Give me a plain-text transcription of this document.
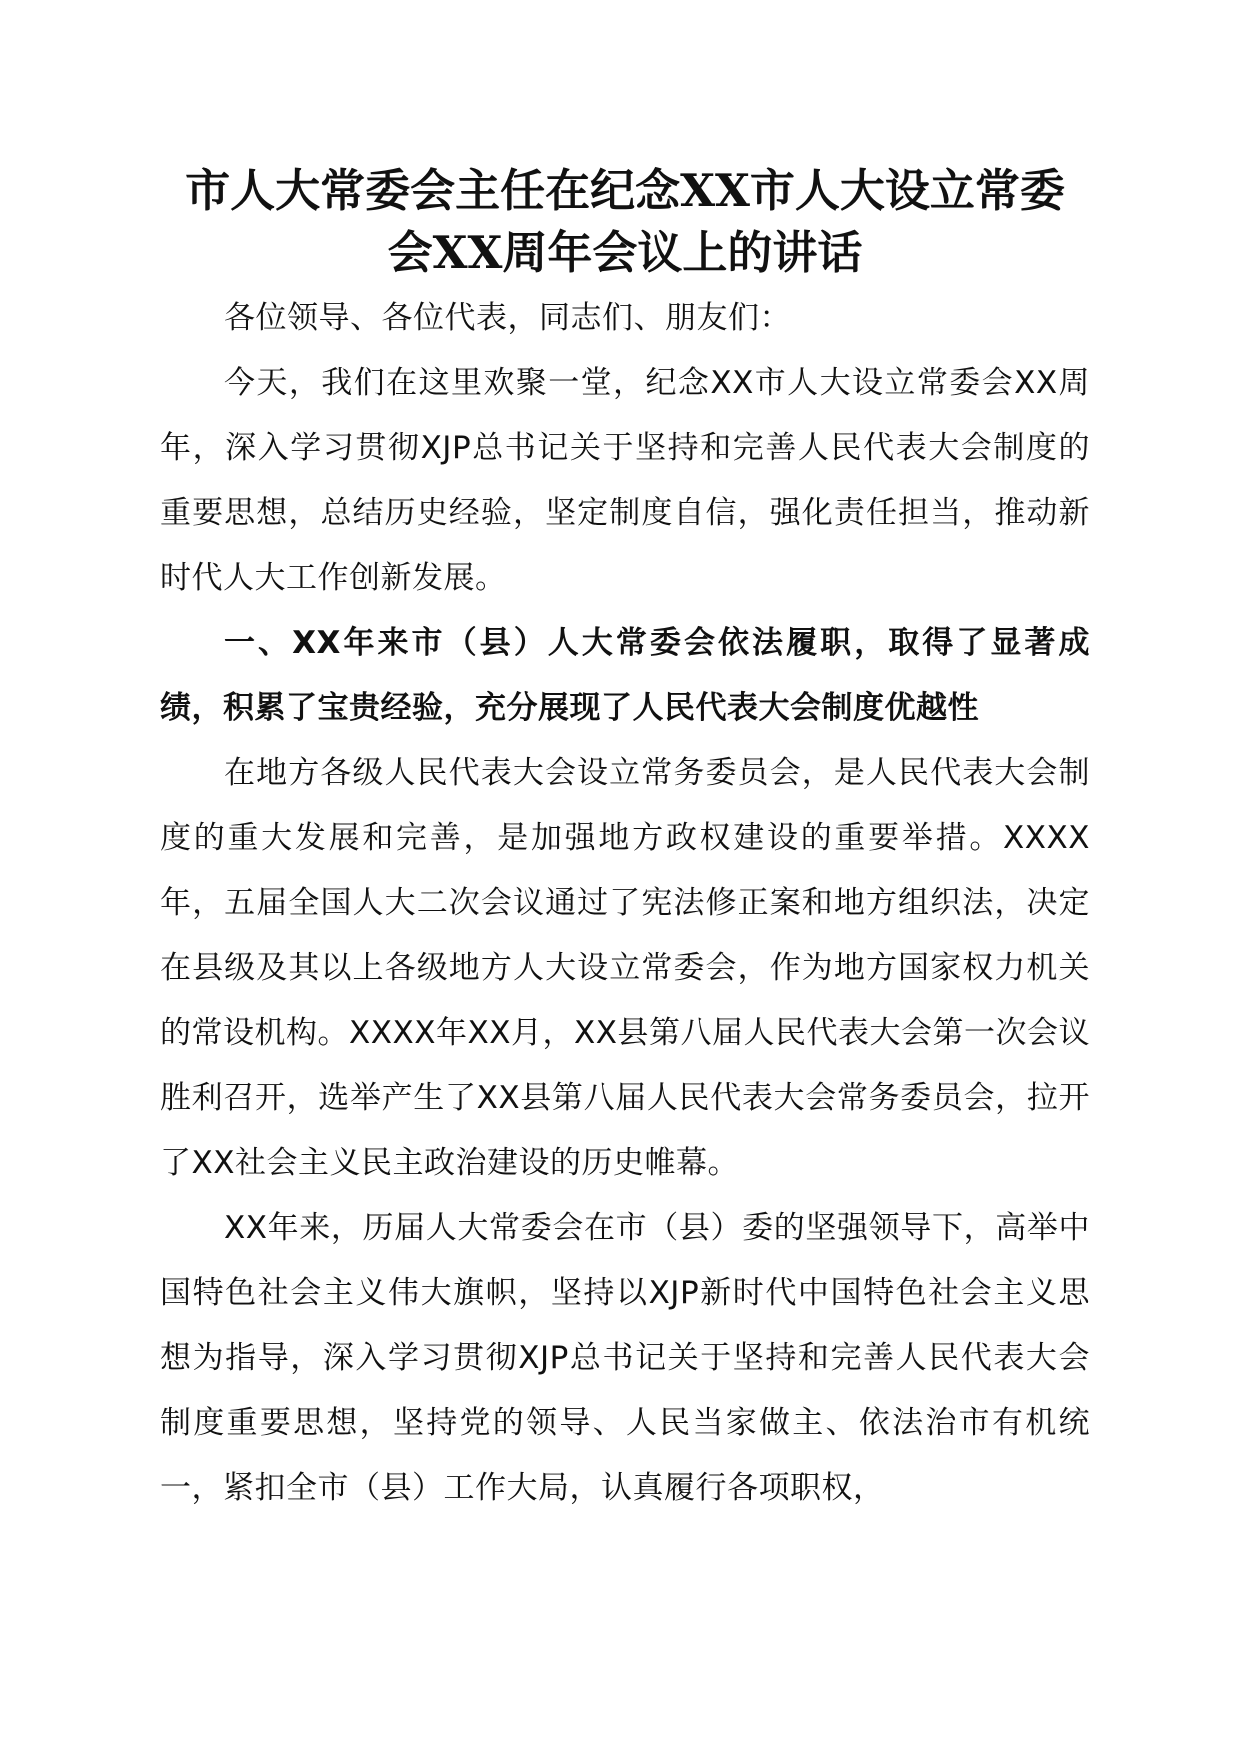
市人大常委会主任在纪念XX市人大设立常委
会XX周年会议上的讲话

各位领导、各位代表，同志们、朋友们：

今天，我们在这里欢聚一堂，纪念XX市人大设立常委会XX周年，深入学习贯彻XJP总书记关于坚持和完善人民代表大会制度的重要思想，总结历史经验，坚定制度自信，强化责任担当，推动新时代人大工作创新发展。

一、XX年来市（县）人大常委会依法履职，取得了显著成绩，积累了宝贵经验，充分展现了人民代表大会制度优越性

在地方各级人民代表大会设立常务委员会，是人民代表大会制度的重大发展和完善，是加强地方政权建设的重要举措。XXXX年，五届全国人大二次会议通过了宪法修正案和地方组织法，决定在县级及其以上各级地方人大设立常委会，作为地方国家权力机关的常设机构。XXXX年XX月，XX县第八届人民代表大会第一次会议胜利召开，选举产生了XX县第八届人民代表大会常务委员会，拉开了XX社会主义民主政治建设的历史帷幕。

XX年来，历届人大常委会在市（县）委的坚强领导下，高举中国特色社会主义伟大旗帜，坚持以XJP新时代中国特色社会主义思想为指导，深入学习贯彻XJP总书记关于坚持和完善人民代表大会制度重要思想，坚持党的领导、人民当家做主、依法治市有机统一，紧扣全市（县）工作大局，认真履行各项职权，
